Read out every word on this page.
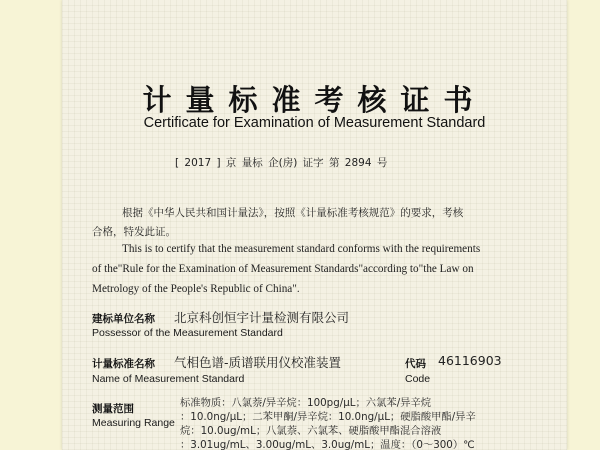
计量标准考核证书
Certificate for Examination of Measurement Standard
[ 2017 ] 京 量标 企(房) 证字 第 2894 号
根据《中华人民共和国计量法》，按照《计量标准考核规范》的要求，考核
合格，特发此证。
This is to certify that the measurement standard conforms with the requirements
of the"Rule for the Examination of Measurement Standards"according to"the Law on
Metrology of the People's Republic of China".
建标单位名称 北京科创恒宇计量检测有限公司
Possessor of the Measurement Standard
计量标准名称 气相色谱-质谱联用仪校准装置
Name of Measurement Standard
代码 46116903
Code
测量范围
Measuring Range
标准物质：八氯萘/异辛烷：100pg/μL；六氯苯/异辛烷
：10.0ng/μL；二苯甲酮/异辛烷：10.0ng/μL；硬脂酸甲酯/异辛
烷：10.0ug/mL；八氯萘、六氯苯、硬脂酸甲酯混合溶液
：3.01ug/mL、3.00ug/mL、3.0ug/mL；温度：（0～300）℃
